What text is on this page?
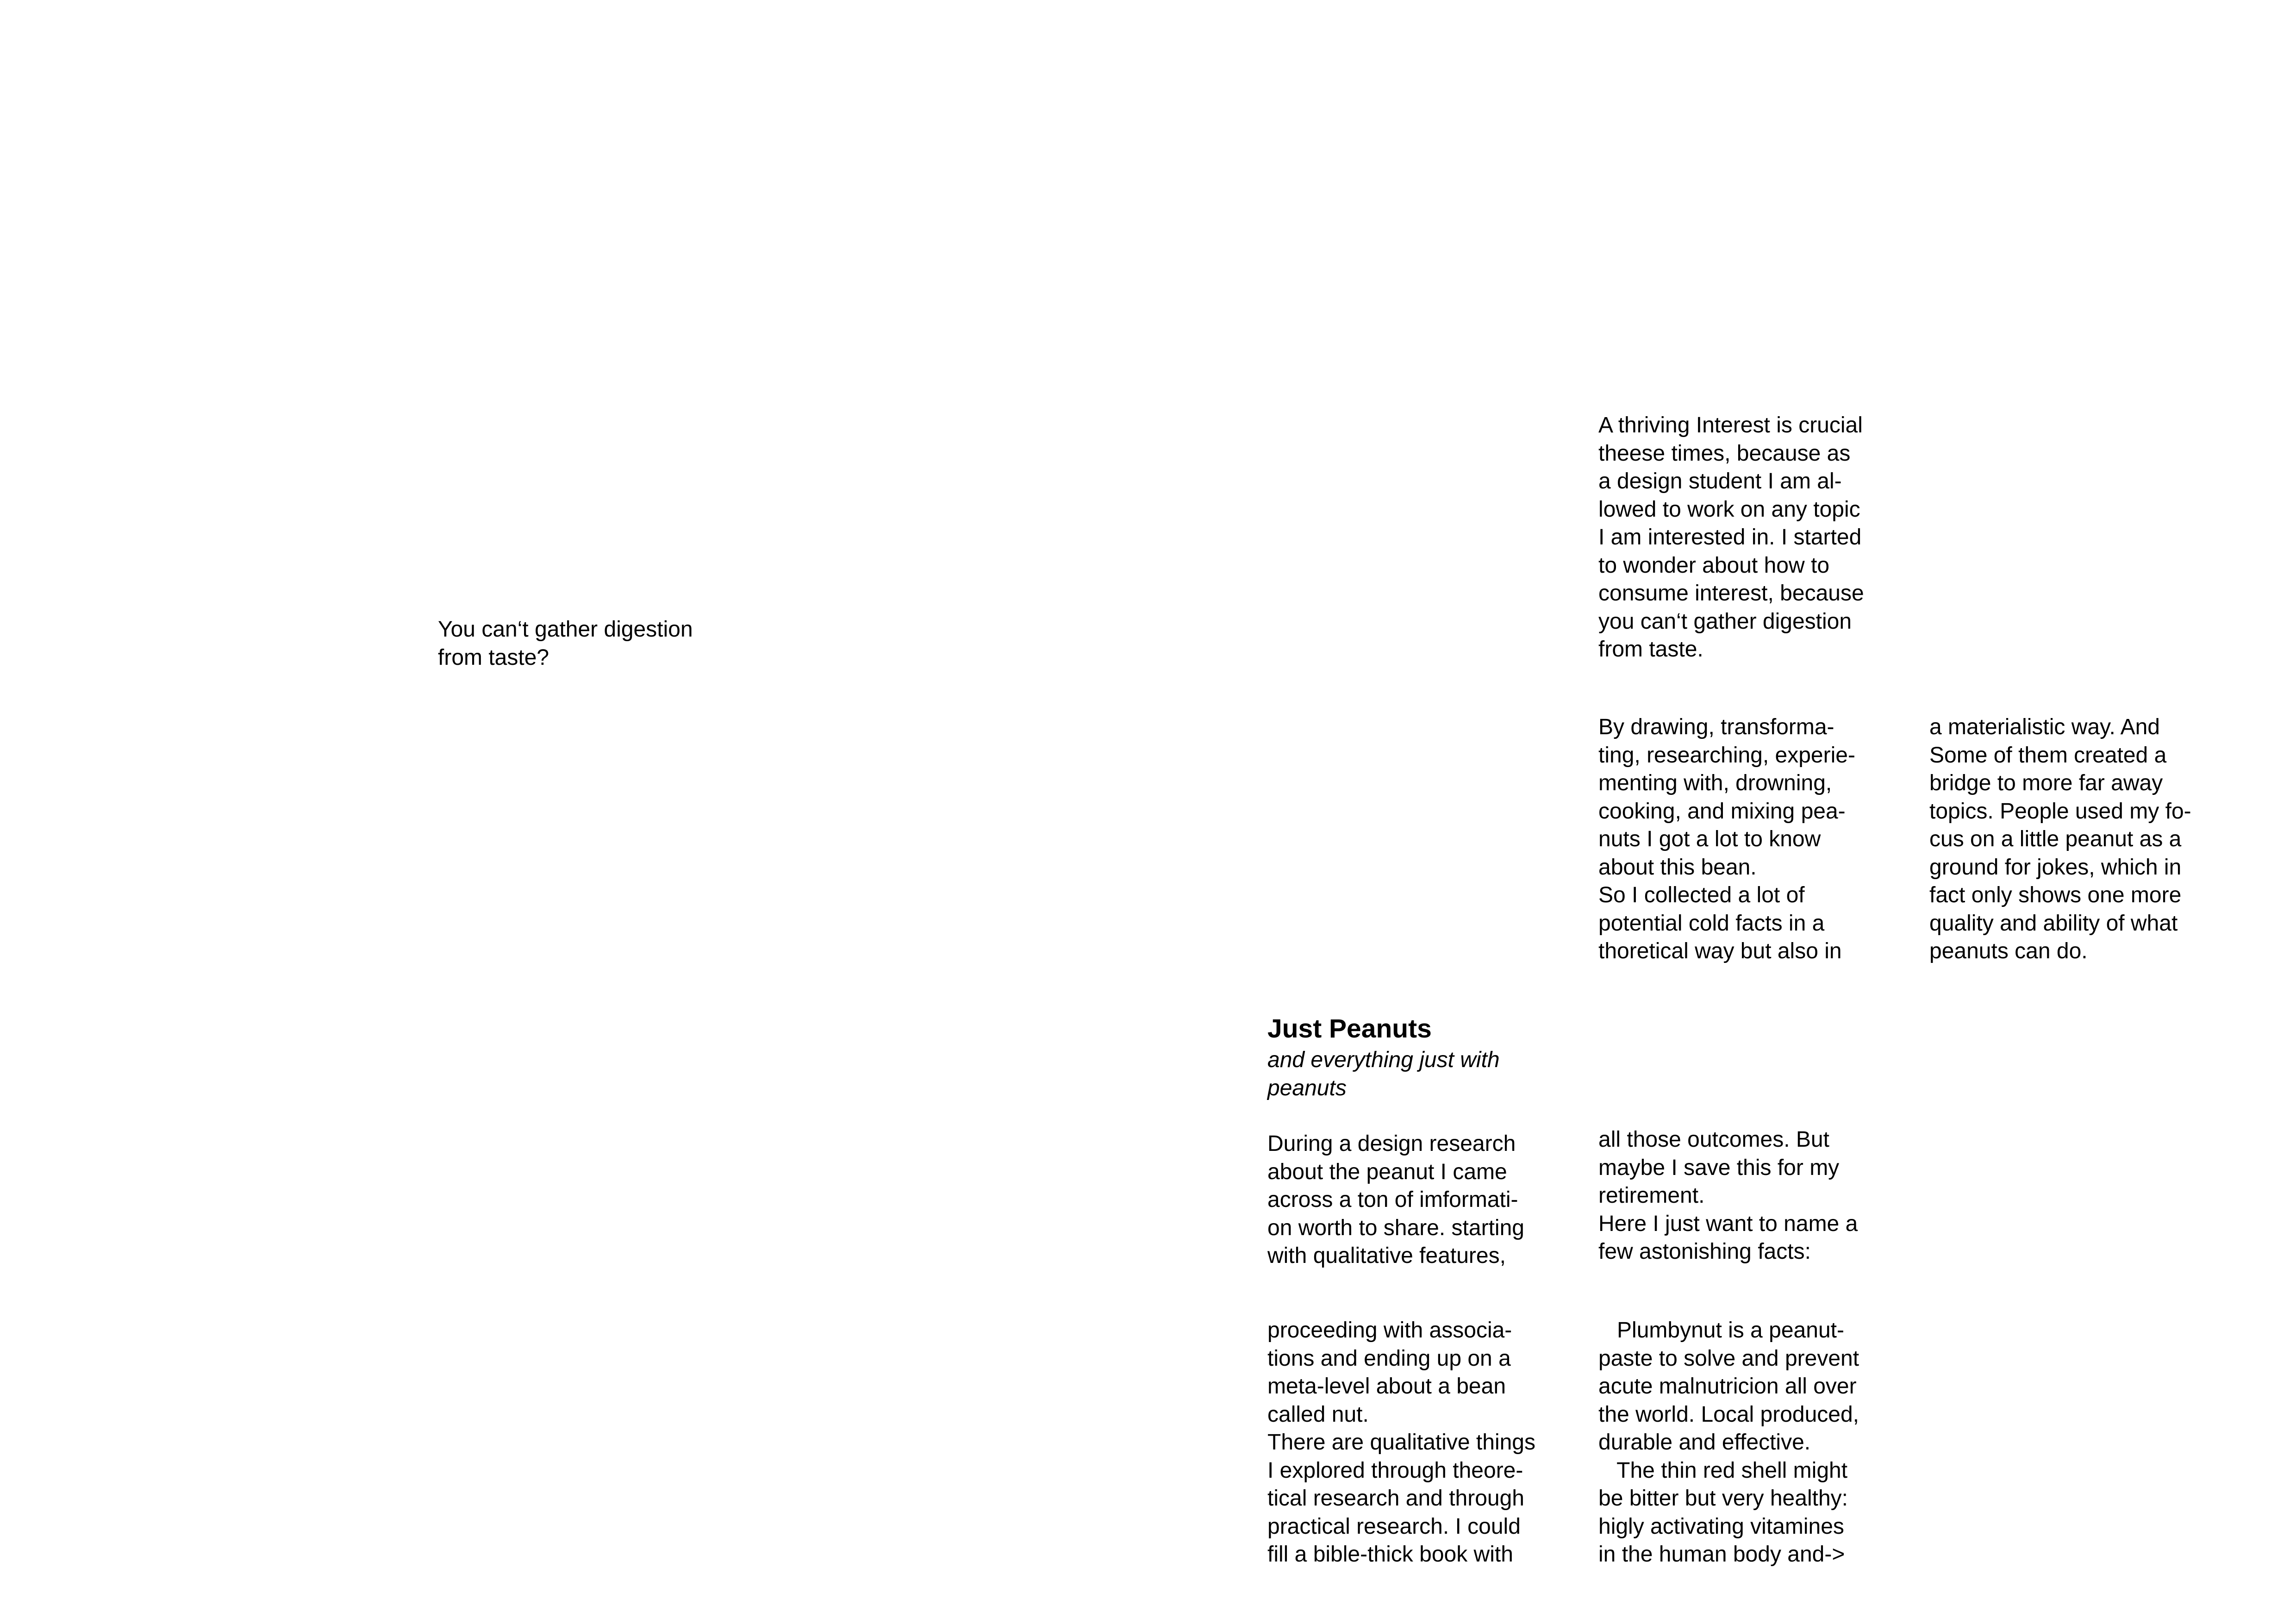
You can‘t gather digestion
from taste?

A thriving Interest is crucial
theese times, because as
a design student I am al-
lowed to work on any topic
I am interested in. I started
to wonder about how to
consume interest, because
you can‘t gather digestion
from taste.

By drawing, transforma-
ting, researching, experie-
menting with, drowning,
cooking, and mixing pea-
nuts I got a lot to know
about this bean.
So I collected a lot of
potential cold facts in a
thoretical way but also in

a materialistic way. And
Some of them created a
bridge to more far away
topics. People used my fo-
cus on a little peanut as a
ground for jokes, which in
fact only shows one more
quality and ability of what
peanuts can do.

Just Peanuts

and everything just with
peanuts

During a design research
about the peanut I came
across a ton of imformati-
on worth to share. starting
with qualitative features,

proceeding with associa-
tions and ending up on a
meta-level about a bean
called nut.
There are qualitative things
I explored through theore-
tical research and through
practical research. I could
fill a bible-thick book with

all those outcomes. But
maybe I save this for my
retirement.
Here I just want to name a
few astonishing facts:

Plumbynut is a peanut-
paste to solve and prevent
acute malnutricion all over
the world. Local produced,
durable and effective.
The thin red shell might
be bitter but very healthy:
higly activating vitamines
in the human body and->
